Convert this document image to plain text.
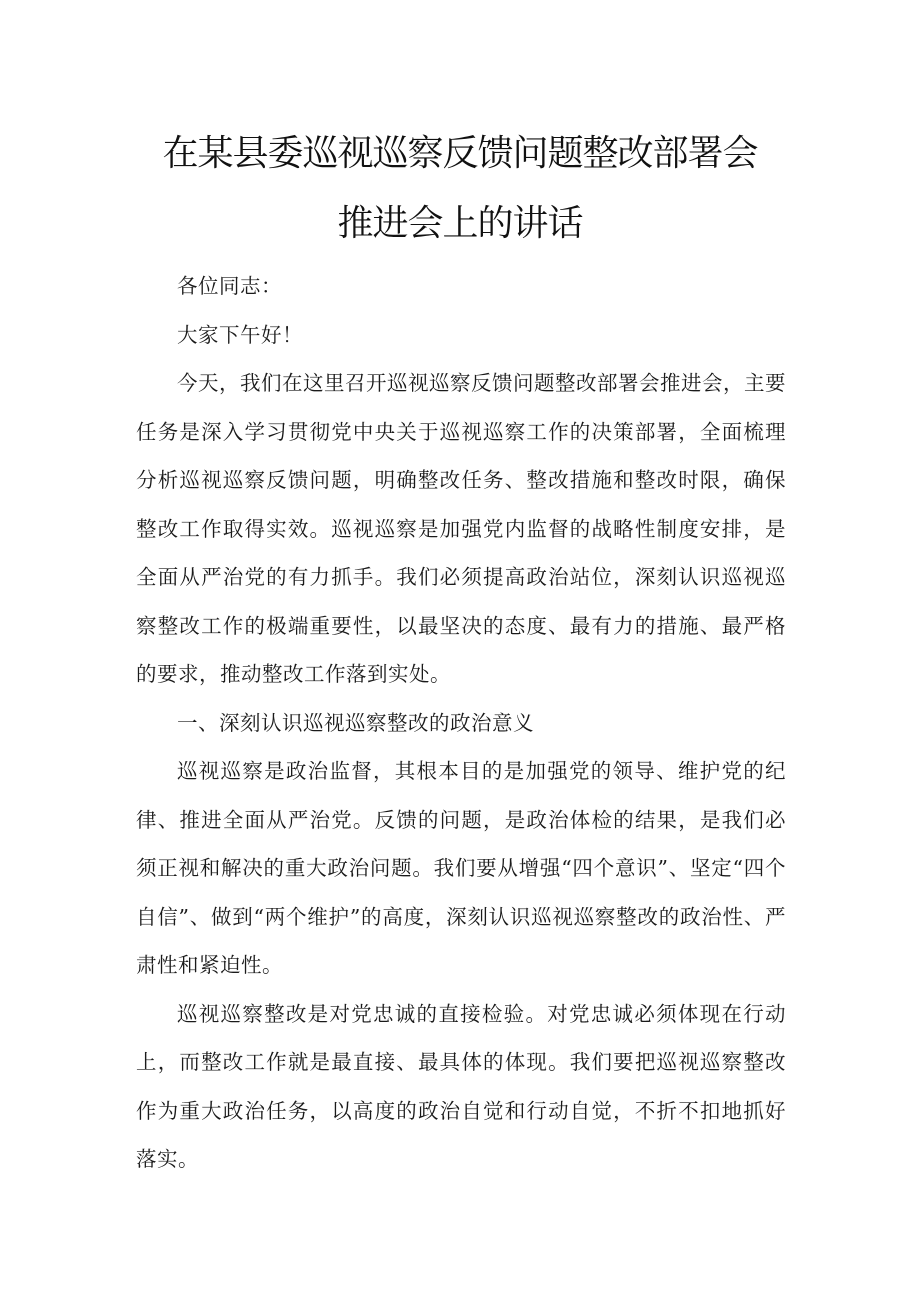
在某县委巡视巡察反馈问题整改部署会
推进会上的讲话

各位同志：

大家下午好！

今天，我们在这里召开巡视巡察反馈问题整改部署会推进会，主要任务是深入学习贯彻党中央关于巡视巡察工作的决策部署，全面梳理分析巡视巡察反馈问题，明确整改任务、整改措施和整改时限，确保整改工作取得实效。巡视巡察是加强党内监督的战略性制度安排，是全面从严治党的有力抓手。我们必须提高政治站位，深刻认识巡视巡察整改工作的极端重要性，以最坚决的态度、最有力的措施、最严格的要求，推动整改工作落到实处。

一、深刻认识巡视巡察整改的政治意义

巡视巡察是政治监督，其根本目的是加强党的领导、维护党的纪律、推进全面从严治党。反馈的问题，是政治体检的结果，是我们必须正视和解决的重大政治问题。我们要从增强“四个意识”、坚定“四个自信”、做到“两个维护”的高度，深刻认识巡视巡察整改的政治性、严肃性和紧迫性。

巡视巡察整改是对党忠诚的直接检验。对党忠诚必须体现在行动上，而整改工作就是最直接、最具体的体现。我们要把巡视巡察整改作为重大政治任务，以高度的政治自觉和行动自觉，不折不扣地抓好落实。
